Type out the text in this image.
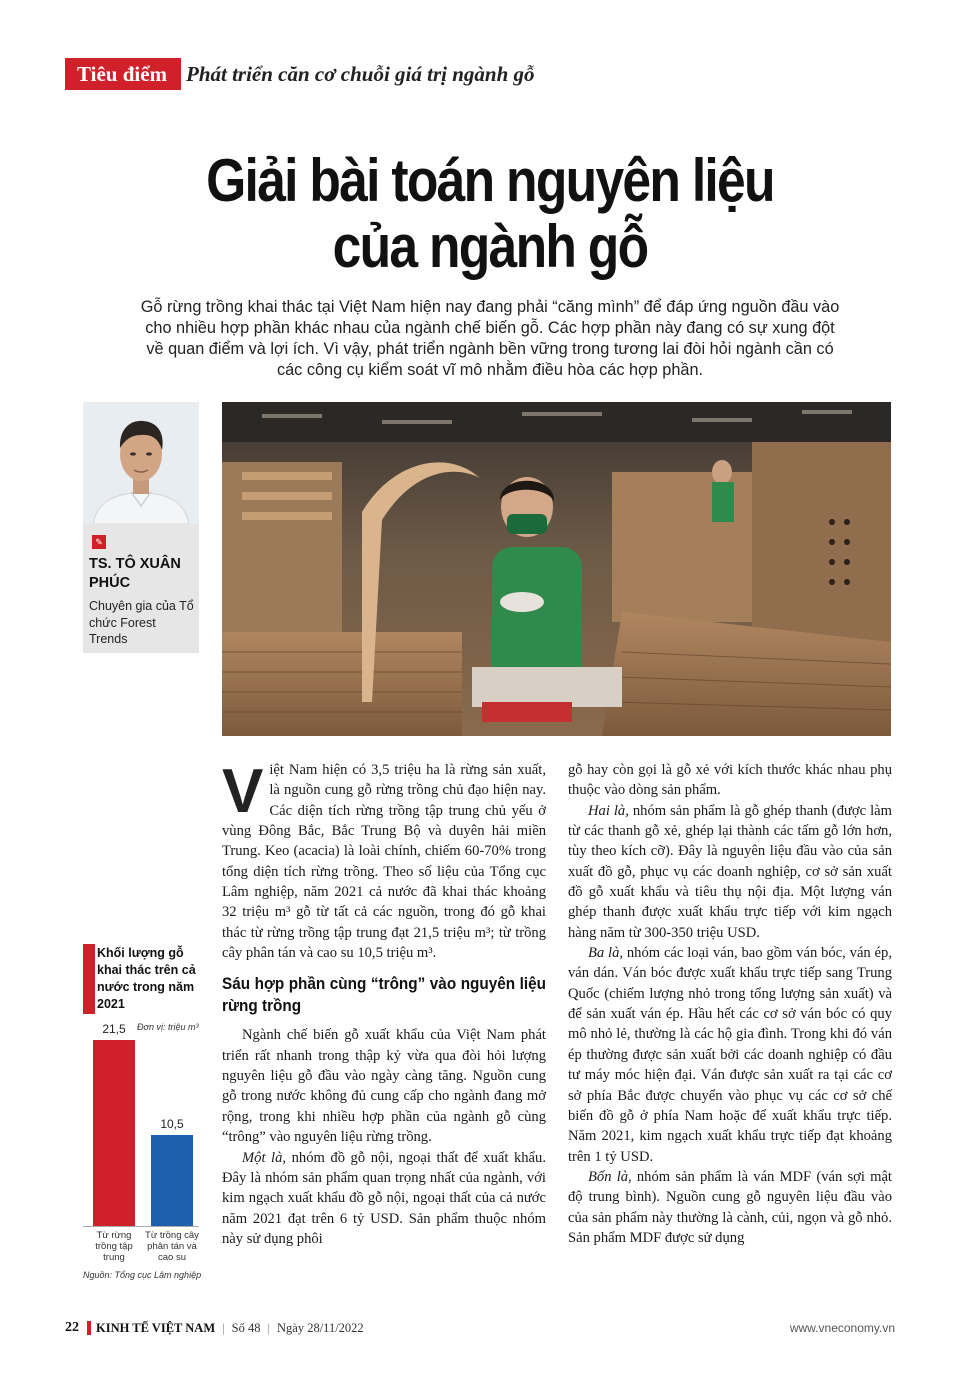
Tiêu điểm Phát triển căn cơ chuỗi giá trị ngành gỗ
Giải bài toán nguyên liệu
của ngành gỗ
Gỗ rừng trồng khai thác tại Việt Nam hiện nay đang phải “căng mình” để đáp ứng nguồn đầu vào cho nhiều hợp phần khác nhau của ngành chế biến gỗ. Các hợp phần này đang có sự xung đột về quan điểm và lợi ích. Vì vậy, phát triển ngành bền vững trong tương lai đòi hỏi ngành cần có các công cụ kiểm soát vĩ mô nhằm điều hòa các hợp phần.
✎
TS. TÔ XUÂN PHÚC
Chuyên gia của Tổ chức Forest Trends

Việt Nam hiện có 3,5 triệu ha là rừng sản xuất, là nguồn cung gỗ rừng trồng chủ đạo hiện nay. Các diện tích rừng trồng tập trung chủ yếu ở vùng Đông Bắc, Bắc Trung Bộ và duyên hải miền Trung. Keo (acacia) là loài chính, chiếm 60-70% trong tổng diện tích rừng trồng. Theo số liệu của Tổng cục Lâm nghiệp, năm 2021 cả nước đã khai thác khoảng 32 triệu m³ gỗ từ tất cả các nguồn, trong đó gỗ khai thác từ rừng trồng tập trung đạt 21,5 triệu m³; từ trồng cây phân tán và cao su 10,5 triệu m³.

Sáu hợp phần cùng “trông” vào nguyên liệu rừng trồng

Ngành chế biến gỗ xuất khẩu của Việt Nam phát triển rất nhanh trong thập kỷ vừa qua đòi hỏi lượng nguyên liệu gỗ đầu vào ngày càng tăng. Nguồn cung gỗ trong nước không đủ cung cấp cho ngành đang mở rộng, trong khi nhiều hợp phần của ngành gỗ cùng “trông” vào nguyên liệu rừng trồng.

Một là, nhóm đồ gỗ nội, ngoại thất để xuất khẩu. Đây là nhóm sản phẩm quan trọng nhất của ngành, với kim ngạch xuất khẩu đồ gỗ nội, ngoại thất của cả nước năm 2021 đạt trên 6 tỷ USD. Sản phẩm thuộc nhóm này sử dụng phôi

gỗ hay còn gọi là gỗ xẻ với kích thước khác nhau phụ thuộc vào dòng sản phẩm.

Hai là, nhóm sản phẩm là gỗ ghép thanh (được làm từ các thanh gỗ xẻ, ghép lại thành các tấm gỗ lớn hơn, tùy theo kích cỡ). Đây là nguyên liệu đầu vào của sản xuất đồ gỗ, phục vụ các doanh nghiệp, cơ sở sản xuất đồ gỗ xuất khẩu và tiêu thụ nội địa. Một lượng ván ghép thanh được xuất khẩu trực tiếp với kim ngạch hàng năm từ 300-350 triệu USD.

Ba là, nhóm các loại ván, bao gồm ván bóc, ván ép, ván dán. Ván bóc được xuất khẩu trực tiếp sang Trung Quốc (chiếm lượng nhỏ trong tổng lượng sản xuất) và để sản xuất ván ép. Hầu hết các cơ sở ván bóc có quy mô nhỏ lẻ, thường là các hộ gia đình. Trong khi đó ván ép thường được sản xuất bởi các doanh nghiệp có đầu tư máy móc hiện đại. Ván được sản xuất ra tại các cơ sở phía Bắc được chuyển vào phục vụ các cơ sở chế biến đồ gỗ ở phía Nam hoặc để xuất khẩu trực tiếp. Năm 2021, kim ngạch xuất khẩu trực tiếp đạt khoảng trên 1 tỷ USD.

Bốn là, nhóm sản phẩm là ván MDF (ván sợi mật độ trung bình). Nguồn cung gỗ nguyên liệu đầu vào của sản phẩm này thường là cành, củi, ngọn và gỗ nhỏ. Sản phẩm MDF được sử dụng

Khối lượng gỗ khai thác trên cả nước trong năm 2021
Đơn vị: triệu m³
21,5
Từ rừng trồng tập trung
10,5
Từ trồng cây phân tán và cao su
Nguồn: Tổng cục Lâm nghiệp
22 KINH TẾ VIỆT NAM | Số 48 | Ngày 28/11/2022	www.vneconomy.vn
